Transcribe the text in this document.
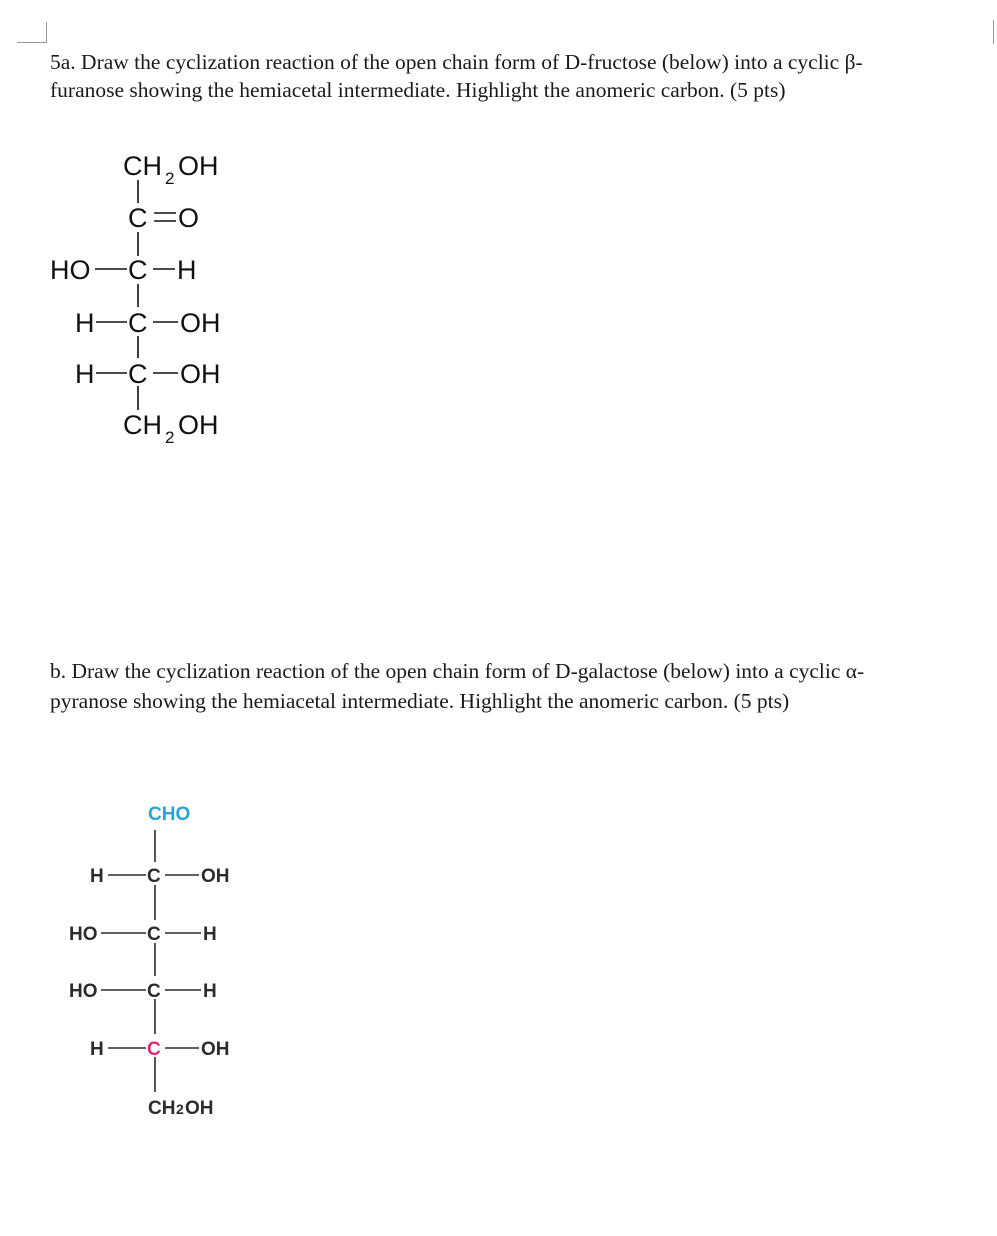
5a. Draw the cyclization reaction of the open chain form of D-fructose (below) into a cyclic β-
furanose showing the hemiacetal intermediate. Highlight the anomeric carbon. (5 pts)
CH 2 OH
C O
HO C H
H C OH
H C OH
CH 2 OH
b. Draw the cyclization reaction of the open chain form of D-galactose (below) into a cyclic α-
pyranose showing the hemiacetal intermediate. Highlight the anomeric carbon. (5 pts)
CHO
H C OH
HO	C H
HO	C H
H C OH
CH 2 OH
